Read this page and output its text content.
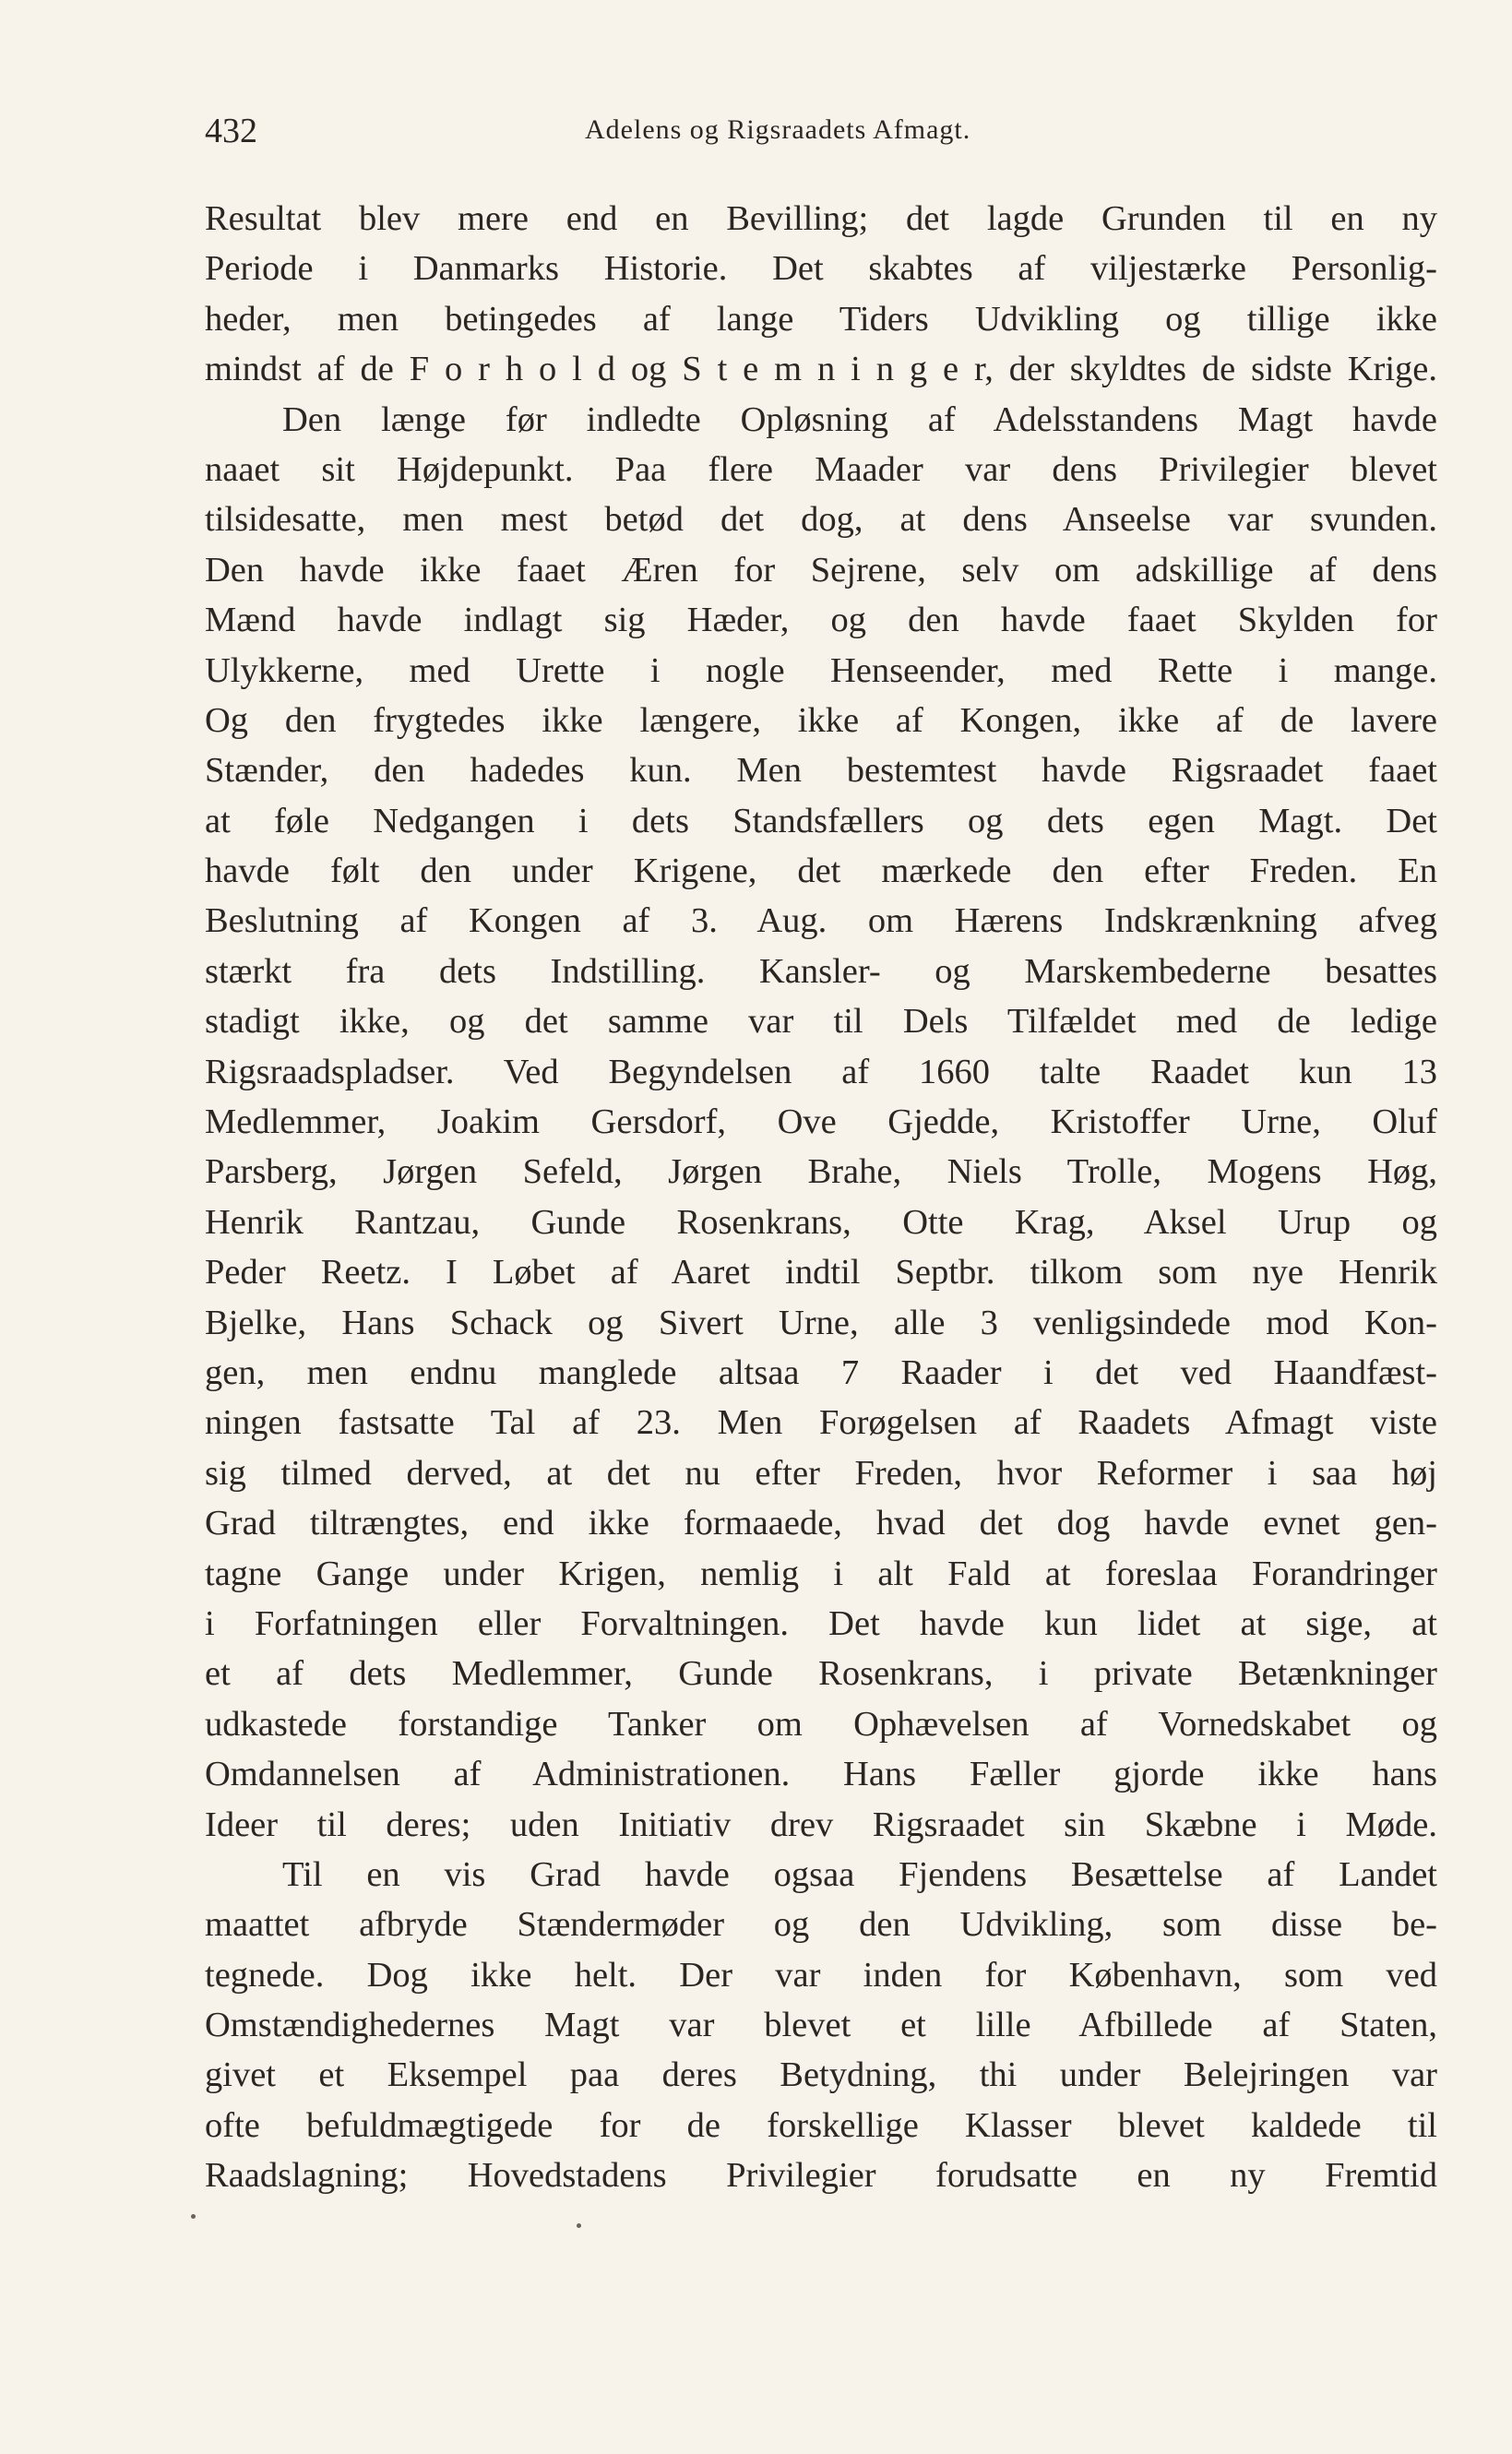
432	Adelens og Rigsraadets Afmagt.
Resultat blev mere end en Bevilling; det lagde Grunden til en ny
Periode i Danmarks Historie. Det skabtes af viljestærke Personlig-
heder, men betingedes af lange Tiders Udvikling og tillige ikke
mindst af de F o r h o l d og S t e m n i n g e r, der skyldtes de sidste Krige.
Den længe før indledte Opløsning af Adelsstandens Magt havde
naaet sit Højdepunkt. Paa flere Maader var dens Privilegier blevet
tilsidesatte, men mest betød det dog, at dens Anseelse var svunden.
Den havde ikke faaet Æren for Sejrene, selv om adskillige af dens
Mænd havde indlagt sig Hæder, og den havde faaet Skylden for
Ulykkerne, med Urette i nogle Henseender, med Rette i mange.
Og den frygtedes ikke længere, ikke af Kongen, ikke af de lavere
Stænder, den hadedes kun. Men bestemtest havde Rigsraadet faaet
at føle Nedgangen i dets Standsfællers og dets egen Magt. Det
havde følt den under Krigene, det mærkede den efter Freden. En
Beslutning af Kongen af 3. Aug. om Hærens Indskrænkning afveg
stærkt fra dets Indstilling. Kansler- og Marskembederne besattes
stadigt ikke, og det samme var til Dels Tilfældet med de ledige
Rigsraadspladser. Ved Begyndelsen af 1660 talte Raadet kun 13
Medlemmer, Joakim Gersdorf, Ove Gjedde, Kristoffer Urne, Oluf
Parsberg, Jørgen Sefeld, Jørgen Brahe, Niels Trolle, Mogens Høg,
Henrik Rantzau, Gunde Rosenkrans, Otte Krag, Aksel Urup og
Peder Reetz. I Løbet af Aaret indtil Septbr. tilkom som nye Henrik
Bjelke, Hans Schack og Sivert Urne, alle 3 venligsindede mod Kon-
gen, men endnu manglede altsaa 7 Raader i det ved Haandfæst-
ningen fastsatte Tal af 23. Men Forøgelsen af Raadets Afmagt viste
sig tilmed derved, at det nu efter Freden, hvor Reformer i saa høj
Grad tiltrængtes, end ikke formaaede, hvad det dog havde evnet gen-
tagne Gange under Krigen, nemlig i alt Fald at foreslaa Forandringer
i Forfatningen eller Forvaltningen. Det havde kun lidet at sige, at
et af dets Medlemmer, Gunde Rosenkrans, i private Betænkninger
udkastede forstandige Tanker om Ophævelsen af Vornedskabet og
Omdannelsen af Administrationen. Hans Fæller gjorde ikke hans
Ideer til deres; uden Initiativ drev Rigsraadet sin Skæbne i Møde.
Til en vis Grad havde ogsaa Fjendens Besættelse af Landet
maattet afbryde Stændermøder og den Udvikling, som disse be-
tegnede. Dog ikke helt. Der var inden for København, som ved
Omstændighedernes Magt var blevet et lille Afbillede af Staten,
givet et Eksempel paa deres Betydning, thi under Belejringen var
ofte befuldmægtigede for de forskellige Klasser blevet kaldede til
Raadslagning; Hovedstadens Privilegier forudsatte en ny Fremtid
